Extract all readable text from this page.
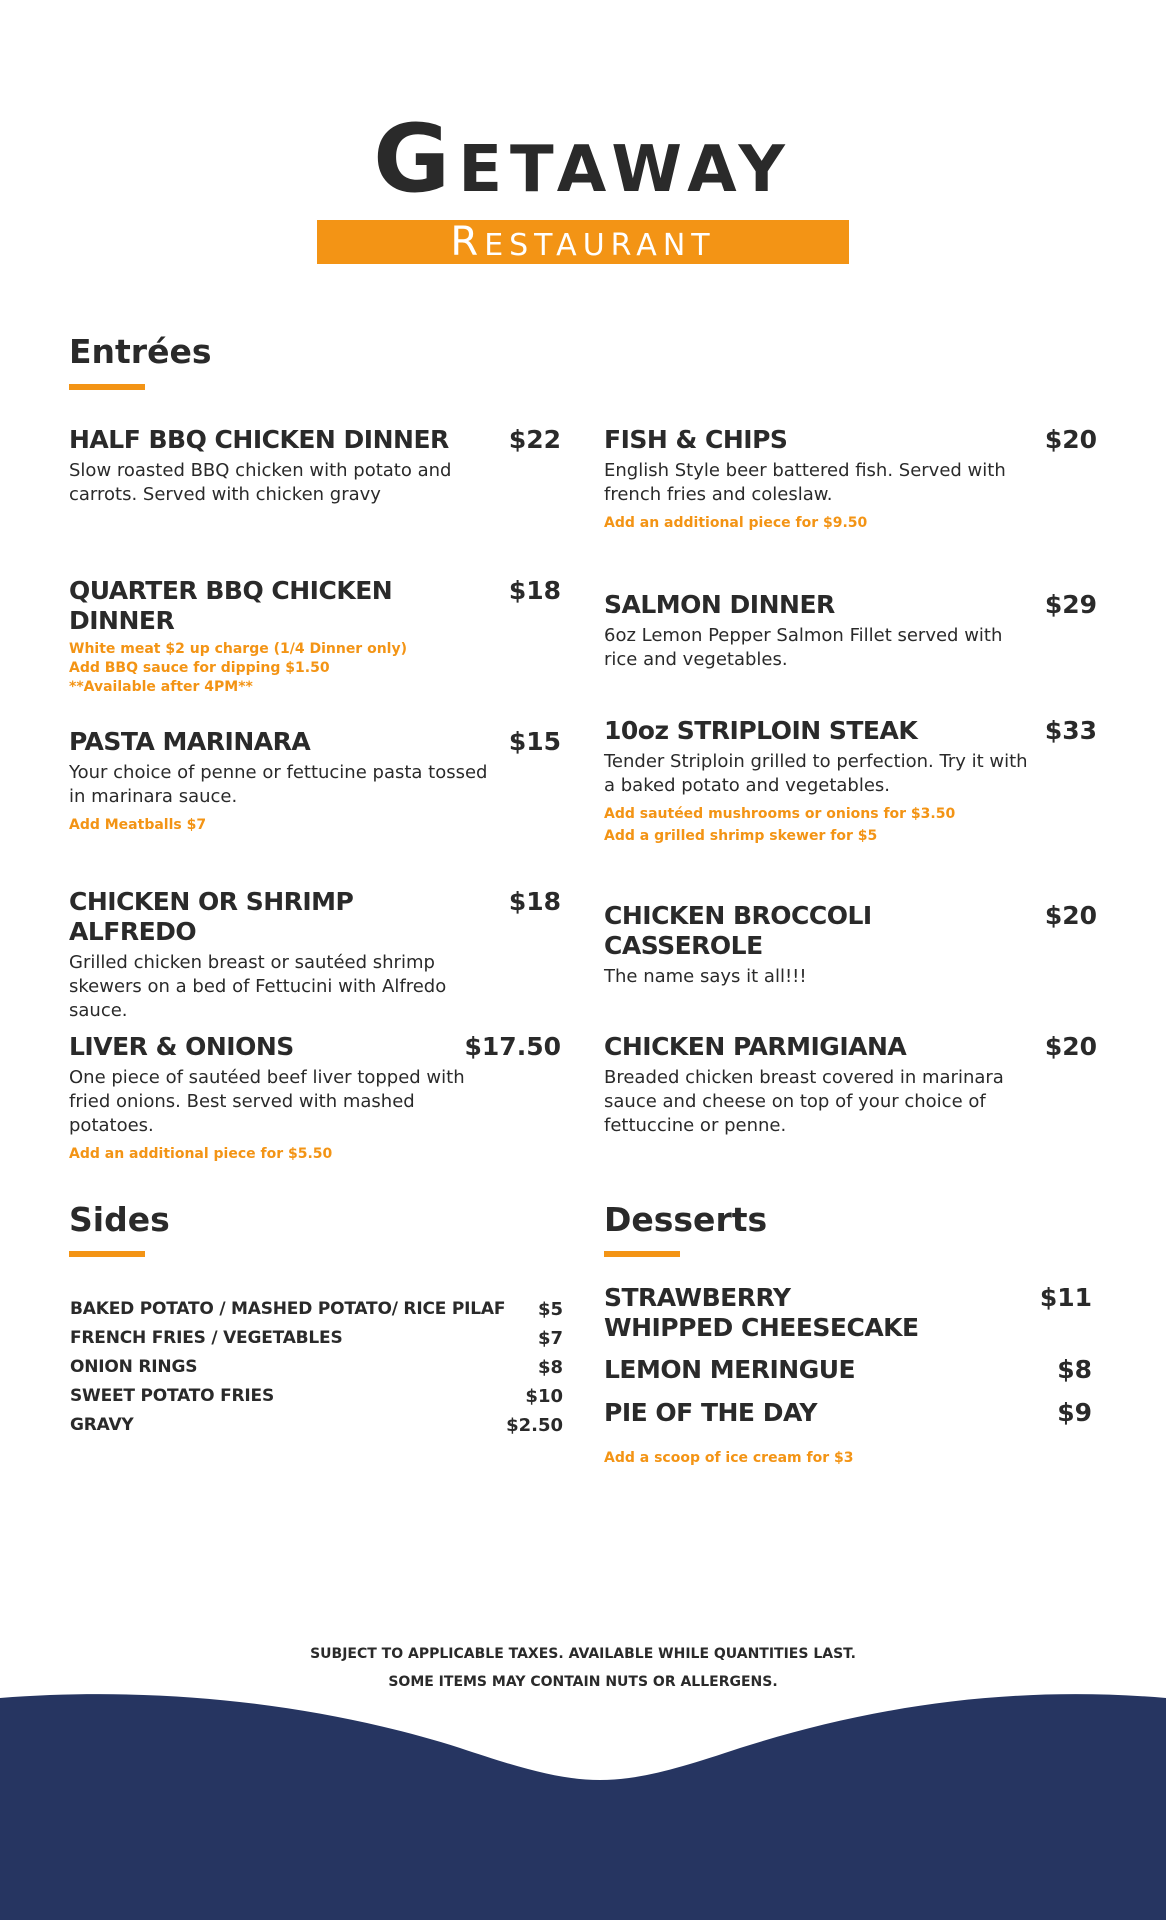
GETAWAY
RESTAURANT
Entrées
HALF BBQ CHICKEN DINNER	$22
Slow roasted BBQ chicken with potato and carrots. Served with chicken gravy
QUARTER BBQ CHICKEN DINNER
$18
White meat $2 up charge (1/4 Dinner only)
Add BBQ sauce for dipping $1.50
**Available after 4PM**
PASTA MARINARA	$15
Your choice of penne or fettucine pasta tossed in marinara sauce.
Add Meatballs $7
CHICKEN OR SHRIMP ALFREDO
$18
Grilled chicken breast or sautéed shrimp skewers on a bed of Fettucini with Alfredo sauce.
LIVER & ONIONS	$17.50
One piece of sautéed beef liver topped with fried onions. Best served with mashed potatoes.
Add an additional piece for $5.50
FISH & CHIPS	$20
English Style beer battered fish. Served with french fries and coleslaw.
Add an additional piece for $9.50
SALMON DINNER	$29
6oz Lemon Pepper Salmon Fillet served with rice and vegetables.
10oz STRIPLOIN STEAK	$33
Tender Striploin grilled to perfection. Try it with a baked potato and vegetables.
Add sautéed mushrooms or onions for $3.50
Add a grilled shrimp skewer for $5
CHICKEN BROCCOLI CASSEROLE
$20
The name says it all!!!
CHICKEN PARMIGIANA	$20
Breaded chicken breast covered in marinara sauce and cheese on top of your choice of fettuccine or penne.
Sides
BAKED POTATO / MASHED POTATO/ RICE PILAF $5
FRENCH FRIES / VEGETABLES	$7
ONION RINGS	$8
SWEET POTATO FRIES	$10
GRAVY	$2.50
Desserts
STRAWBERRY WHIPPED CHEESECAKE
$11
LEMON MERINGUE	$8
PIE OF THE DAY	$9
Add a scoop of ice cream for $3
SUBJECT TO APPLICABLE TAXES. AVAILABLE WHILE QUANTITIES LAST.
SOME ITEMS MAY CONTAIN NUTS OR ALLERGENS.
